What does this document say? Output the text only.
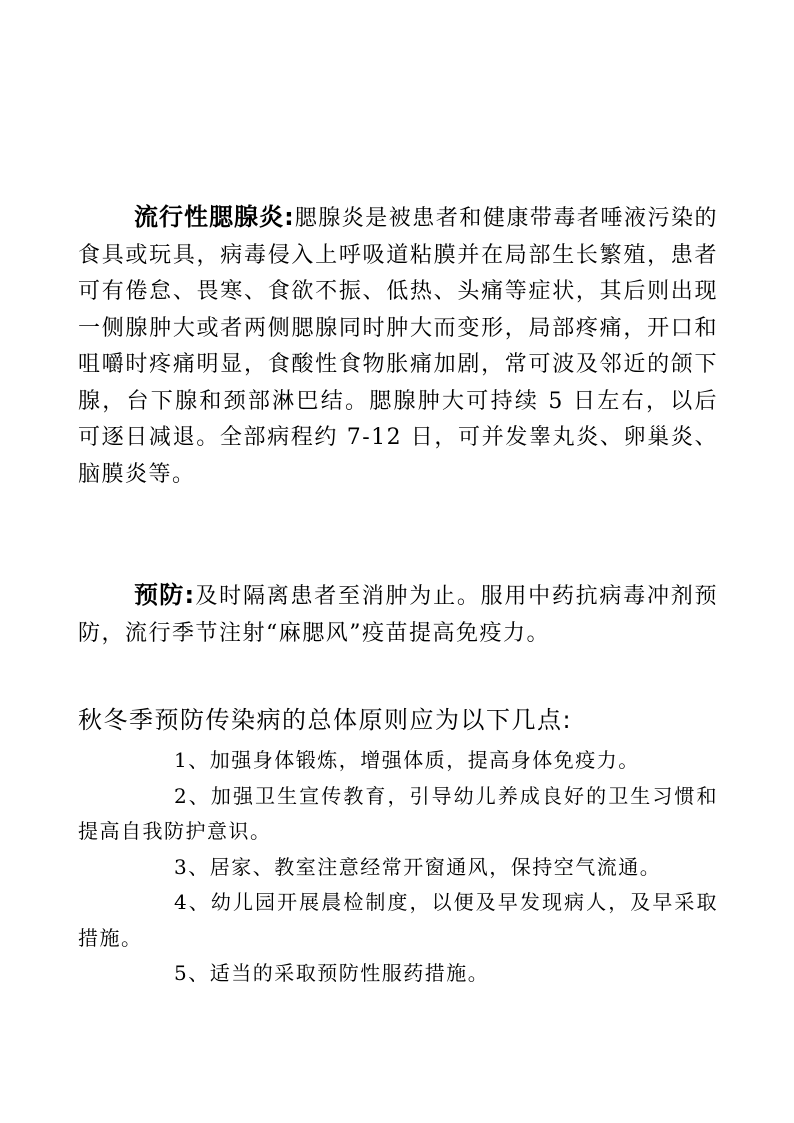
流行性腮腺炎:腮腺炎是被患者和健康带毒者唾液污染的食具或玩具，病毒侵入上呼吸道粘膜并在局部生长繁殖，患者可有倦怠、畏寒、食欲不振、低热、头痛等症状，其后则出现一侧腺肿大或者两侧腮腺同时肿大而变形，局部疼痛，开口和咀嚼时疼痛明显，食酸性食物胀痛加剧，常可波及邻近的颌下腺，台下腺和颈部淋巴结。腮腺肿大可持续 5 日左右，以后可逐日减退。全部病程约 7-12 日，可并发睾丸炎、卵巢炎、脑膜炎等。

预防:及时隔离患者至消肿为止。服用中药抗病毒冲剂预防，流行季节注射“麻腮风”疫苗提高免疫力。

秋冬季预防传染病的总体原则应为以下几点:
1、加强身体锻炼，增强体质，提高身体免疫力。
2、加强卫生宣传教育，引导幼儿养成良好的卫生习惯和提高自我防护意识。
3、居家、教室注意经常开窗通风，保持空气流通。
4、幼儿园开展晨检制度，以便及早发现病人，及早采取措施。
5、适当的采取预防性服药措施。
